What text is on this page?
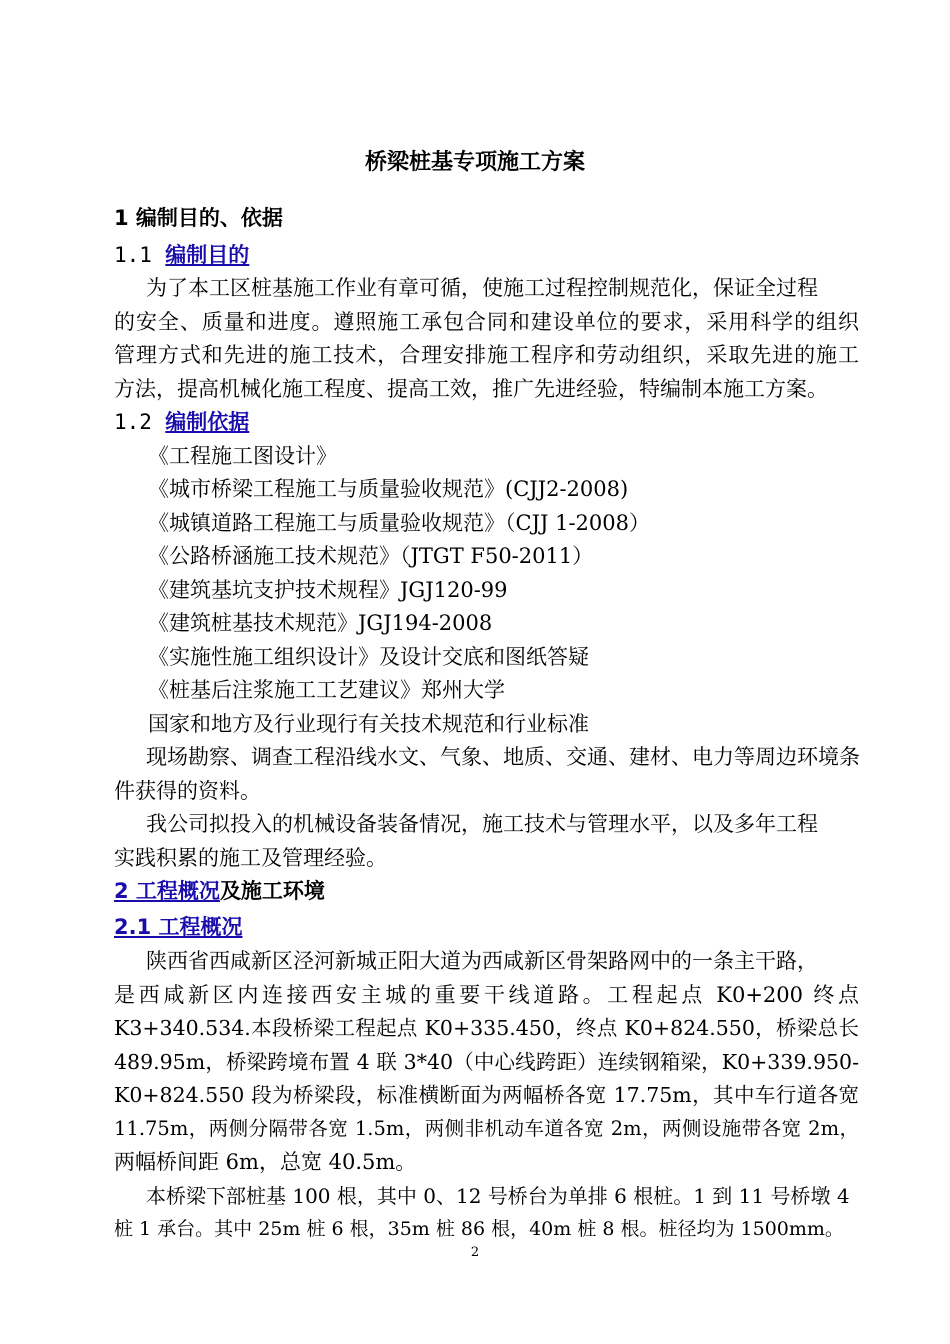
桥梁桩基专项施工方案
1 编制目的、依据
1.1 编制目的
为了本工区桩基施工作业有章可循，使施工过程控制规范化，保证全过程
的安全、质量和进度。遵照施工承包合同和建设单位的要求，采用科学的组织
管理方式和先进的施工技术，合理安排施工程序和劳动组织，采取先进的施工
方法，提高机械化施工程度、提高工效，推广先进经验，特编制本施工方案。
1.2 编制依据
《工程施工图设计》
《城市桥梁工程施工与质量验收规范》(CJJ2-2008)
《城镇道路工程施工与质量验收规范》（CJJ 1-2008）
《公路桥涵施工技术规范》（JTGT F50-2011）
《建筑基坑支护技术规程》JGJ120-99
《建筑桩基技术规范》JGJ194-2008
《实施性施工组织设计》及设计交底和图纸答疑
《桩基后注浆施工工艺建议》郑州大学
国家和地方及行业现行有关技术规范和行业标准
现场勘察、调查工程沿线水文、气象、地质、交通、建材、电力等周边环境条
件获得的资料。
我公司拟投入的机械设备装备情况，施工技术与管理水平，以及多年工程
实践积累的施工及管理经验。
2 工程概况及施工环境
2.1 工程概况
陕西省西咸新区泾河新城正阳大道为西咸新区骨架路网中的一条主干路，
是西咸新区内连接西安主城的重要干线道路。工程起点 K0+200 终点
K3+340.534.本段桥梁工程起点 K0+335.450，终点 K0+824.550，桥梁总长
489.95m，桥梁跨境布置 4 联 3*40（中心线跨距）连续钢箱梁，K0+339.950-
K0+824.550 段为桥梁段，标准横断面为两幅桥各宽 17.75m，其中车行道各宽
11.75m，两侧分隔带各宽 1.5m，两侧非机动车道各宽 2m，两侧设施带各宽 2m，
两幅桥间距 6m，总宽 40.5m。
本桥梁下部桩基 100 根，其中 0、12 号桥台为单排 6 根桩。1 到 11 号桥墩 4
桩 1 承台。其中 25m 桩 6 根，35m 桩 86 根，40m 桩 8 根。桩径均为 1500mm。
2
